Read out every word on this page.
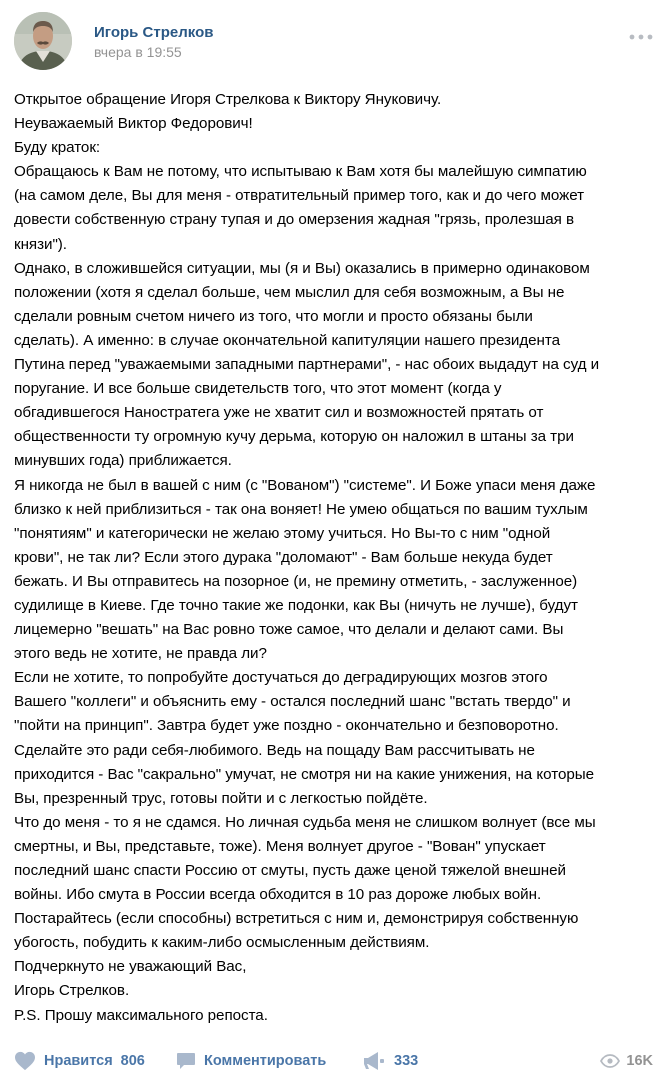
Игорь Стрелков
вчера в 19:55
Открытое обращение Игоря Стрелкова к Виктору Януковичу.
Неуважаемый Виктор Федорович!
Буду краток:
Обращаюсь к Вам не потому, что испытываю к Вам хотя бы малейшую симпатию
(на самом деле, Вы для меня - отвратительный пример того, как и до чего может
довести собственную страну тупая и до омерзения жадная "грязь, пролезшая в
князи").
Однако, в сложившейся ситуации, мы (я и Вы) оказались в примерно одинаковом
положении (хотя я сделал больше, чем мыслил для себя возможным, а Вы не
сделали ровным счетом ничего из того, что могли и просто обязаны были
сделать). А именно: в случае окончательной капитуляции нашего президента
Путина перед "уважаемыми западными партнерами", - нас обоих выдадут на суд и
поругание. И все больше свидетельств того, что этот момент (когда у
обгадившегося Наностратега уже не хватит сил и возможностей прятать от
общественности ту огромную кучу дерьма, которую он наложил в штаны за три
минувших года) приближается.
Я никогда не был в вашей с ним (с "Вованом") "системе". И Боже упаси меня даже
близко к ней приблизиться - так она воняет! Не умею общаться по вашим тухлым
"понятиям" и категорически не желаю этому учиться. Но Вы-то с ним "одной
крови", не так ли? Если этого дурака "доломают" - Вам больше некуда будет
бежать. И Вы отправитесь на позорное (и, не премину отметить, - заслуженное)
судилище в Киеве. Где точно такие же подонки, как Вы (ничуть не лучше), будут
лицемерно "вешать" на Вас ровно тоже самое, что делали и делают сами. Вы
этого ведь не хотите, не правда ли?
Если не хотите, то попробуйте достучаться до деградирующих мозгов этого
Вашего "коллеги" и объяснить ему - остался последний шанс "встать твердо" и
"пойти на принцип". Завтра будет уже поздно - окончательно и безповоротно.
Сделайте это ради себя-любимого. Ведь на пощаду Вам рассчитывать не
приходится - Вас "сакрально" умучат, не смотря ни на какие унижения, на которые
Вы, презренный трус, готовы пойти и с легкостью пойдёте.
Что до меня - то я не сдамся. Но личная судьба меня не слишком волнует (все мы
смертны, и Вы, представьте, тоже). Меня волнует другое - "Вован" упускает
последний шанс спасти Россию от смуты, пусть даже ценой тяжелой внешней
войны. Ибо смута в России всегда обходится в 10 раз дороже любых войн.
Постарайтесь (если способны) встретиться с ним и, демонстрируя собственную
убогость, побудить к каким-либо осмысленным действиям.
Подчеркнуто не уважающий Вас,
Игорь Стрелков.
P.S. Прошу максимального репоста.
Нравится 806	Комментировать	333	16K
